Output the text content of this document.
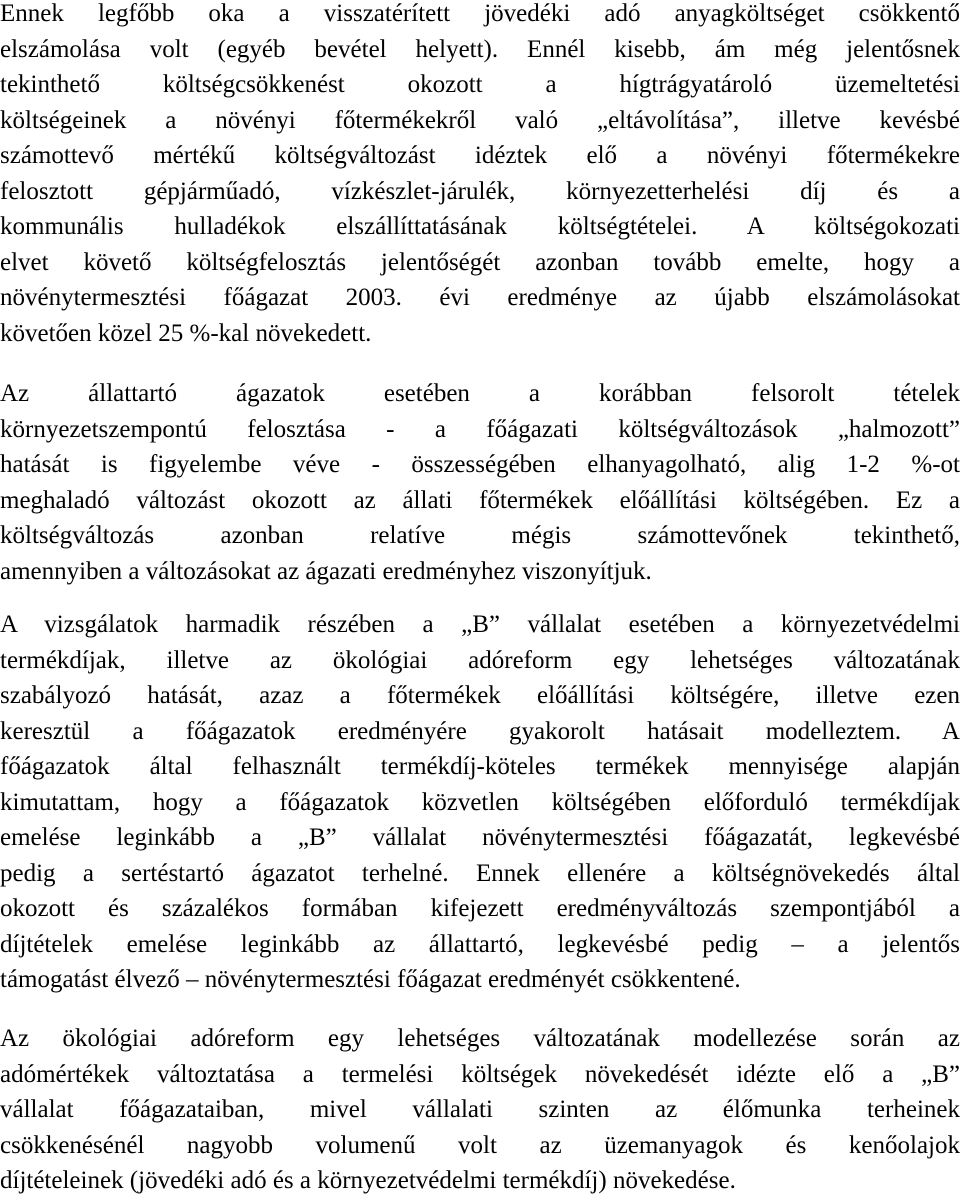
Ennek legfőbb oka a visszatérített jövedéki adó anyagköltséget csökkentő
elszámolása volt (egyéb bevétel helyett). Ennél kisebb, ám még jelentősnek
tekinthető költségcsökkenést okozott a hígtrágyatároló üzemeltetési
költségeinek a növényi főtermékekről való „eltávolítása”, illetve kevésbé
számottevő mértékű költségváltozást idéztek elő a növényi főtermékekre
felosztott gépjárműadó, vízkészlet-járulék, környezetterhelési díj és a
kommunális hulladékok elszállíttatásának költségtételei. A költségokozati
elvet követő költségfelosztás jelentőségét azonban tovább emelte, hogy a
növénytermesztési főágazat 2003. évi eredménye az újabb elszámolásokat
követően közel 25 %-kal növekedett.
Az állattartó ágazatok esetében a korábban felsorolt tételek
környezetszempontú felosztása - a főágazati költségváltozások „halmozott”
hatását is figyelembe véve - összességében elhanyagolható, alig 1-2 %-ot
meghaladó változást okozott az állati főtermékek előállítási költségében. Ez a
költségváltozás azonban relatíve mégis számottevőnek tekinthető,
amennyiben a változásokat az ágazati eredményhez viszonyítjuk.
A vizsgálatok harmadik részében a „B” vállalat esetében a környezetvédelmi
termékdíjak, illetve az ökológiai adóreform egy lehetséges változatának
szabályozó hatását, azaz a főtermékek előállítási költségére, illetve ezen
keresztül a főágazatok eredményére gyakorolt hatásait modelleztem. A
főágazatok által felhasznált termékdíj-köteles termékek mennyisége alapján
kimutattam, hogy a főágazatok közvetlen költségében előforduló termékdíjak
emelése leginkább a „B” vállalat növénytermesztési főágazatát, legkevésbé
pedig a sertéstartó ágazatot terhelné. Ennek ellenére a költségnövekedés által
okozott és százalékos formában kifejezett eredményváltozás szempontjából a
díjtételek emelése leginkább az állattartó, legkevésbé pedig – a jelentős
támogatást élvező – növénytermesztési főágazat eredményét csökkentené.
Az ökológiai adóreform egy lehetséges változatának modellezése során az
adómértékek változtatása a termelési költségek növekedését idézte elő a „B”
vállalat főágazataiban, mivel vállalati szinten az élőmunka terheinek
csökkenésénél nagyobb volumenű volt az üzemanyagok és kenőolajok
díjtételeinek (jövedéki adó és a környezetvédelmi termékdíj) növekedése.
